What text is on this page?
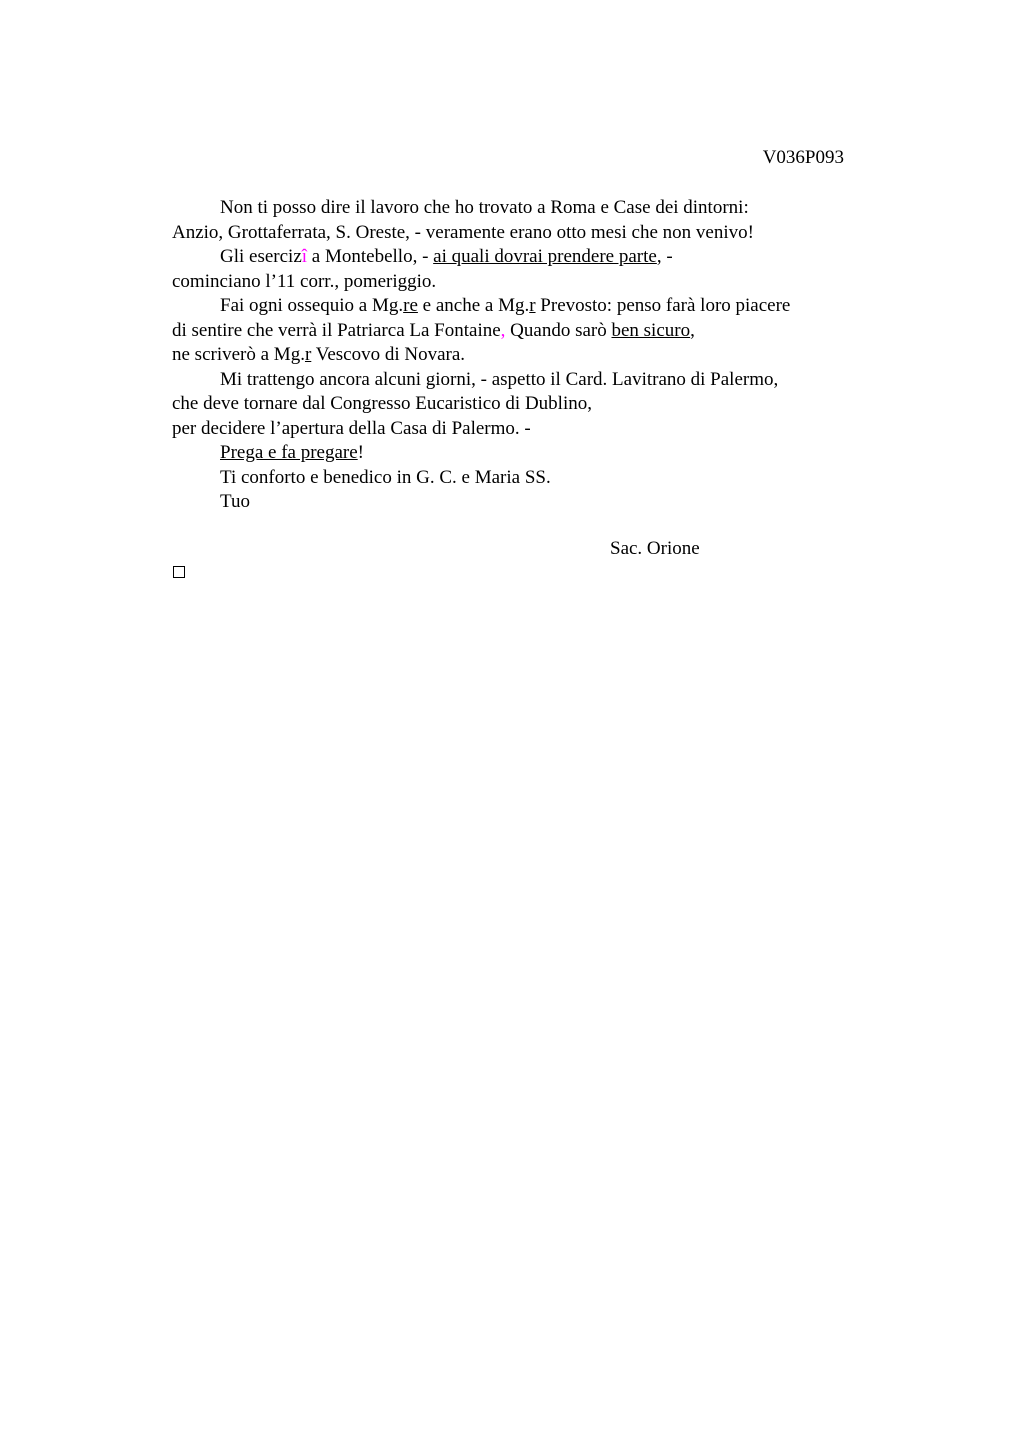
V036P093
Non ti posso dire il lavoro che ho trovato a Roma e Case dei dintorni:
Anzio, Grottaferrata, S. Oreste, - veramente erano otto mesi che non venivo!
Gli esercizî a Montebello, - ai quali dovrai prendere parte, -
cominciano l’11 corr., pomeriggio.
Fai ogni ossequio a Mg.re e anche a Mg.r Prevosto: penso farà loro piacere
di sentire che verrà il Patriarca La Fontaine, Quando sarò ben sicuro,
ne scriverò a Mg.r Vescovo di Novara.
Mi trattengo ancora alcuni giorni, - aspetto il Card. Lavitrano di Palermo,
che deve tornare dal Congresso Eucaristico di Dublino,
per decidere l’apertura della Casa di Palermo. -
Prega e fa pregare!
Ti conforto e benedico in G. C. e Maria SS.
Tuo
Sac. Orione
